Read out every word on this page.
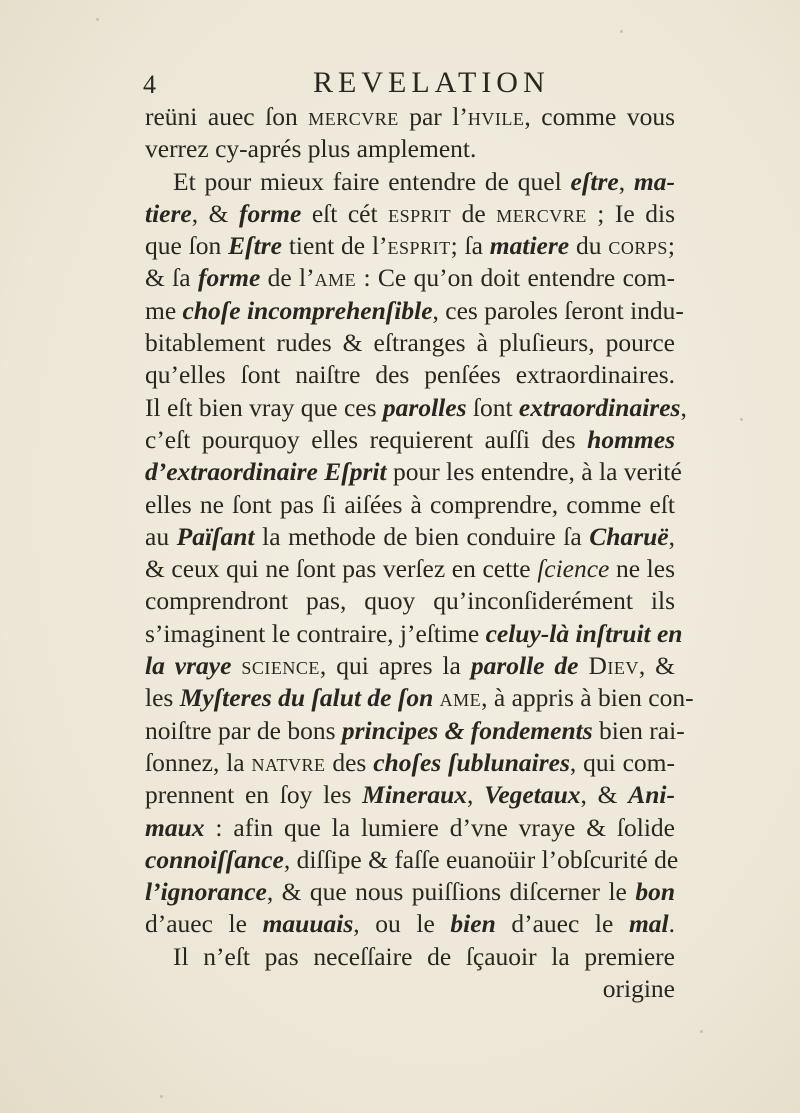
4	REVELATION
reüni auec ſon mercvre par l’hvile, comme vous
verrez cy-aprés plus amplement.
Et pour mieux faire entendre de quel eſtre, ma-
tiere, & forme eſt cét esprit de mercvre ; Ie dis
que ſon Eſtre tient de l’esprit; ſa matiere du corps;
& ſa forme de l’ame : Ce qu’on doit entendre com-
me choſe incomprehenſible, ces paroles ſeront indu-
bitablement rudes & eſtranges à pluſieurs, pource
qu’elles ſont naiſtre des penſées extraordinaires.
Il eſt bien vray que ces parolles ſont extraordinaires,
c’eſt pourquoy elles requierent auſſi des hommes
d’extraordinaire Eſprit pour les entendre, à la verité
elles ne ſont pas ſi aiſées à comprendre, comme eſt
au Païſant la methode de bien conduire ſa Charuë,
& ceux qui ne ſont pas verſez en cette ſcience ne les
comprendront pas, quoy qu’inconſiderément ils
s’imaginent le contraire, j’eſtime celuy-là inſtruit en
la vraye science, qui apres la parolle de Diev, &
les Myſteres du ſalut de ſon ame, à appris à bien con-
noiſtre par de bons principes & fondements bien rai-
ſonnez, la natvre des choſes ſublunaires, qui com-
prennent en ſoy les Mineraux, Vegetaux, & Ani-
maux : afin que la lumiere d’vne vraye & ſolide
connoiſſance, diſſipe & faſſe euanoüir l’obſcurité de
l’ignorance, & que nous puiſſions diſcerner le bon
d’auec le mauuais, ou le bien d’auec le mal.
Il n’eſt pas neceſſaire de ſçauoir la premiere
origine
